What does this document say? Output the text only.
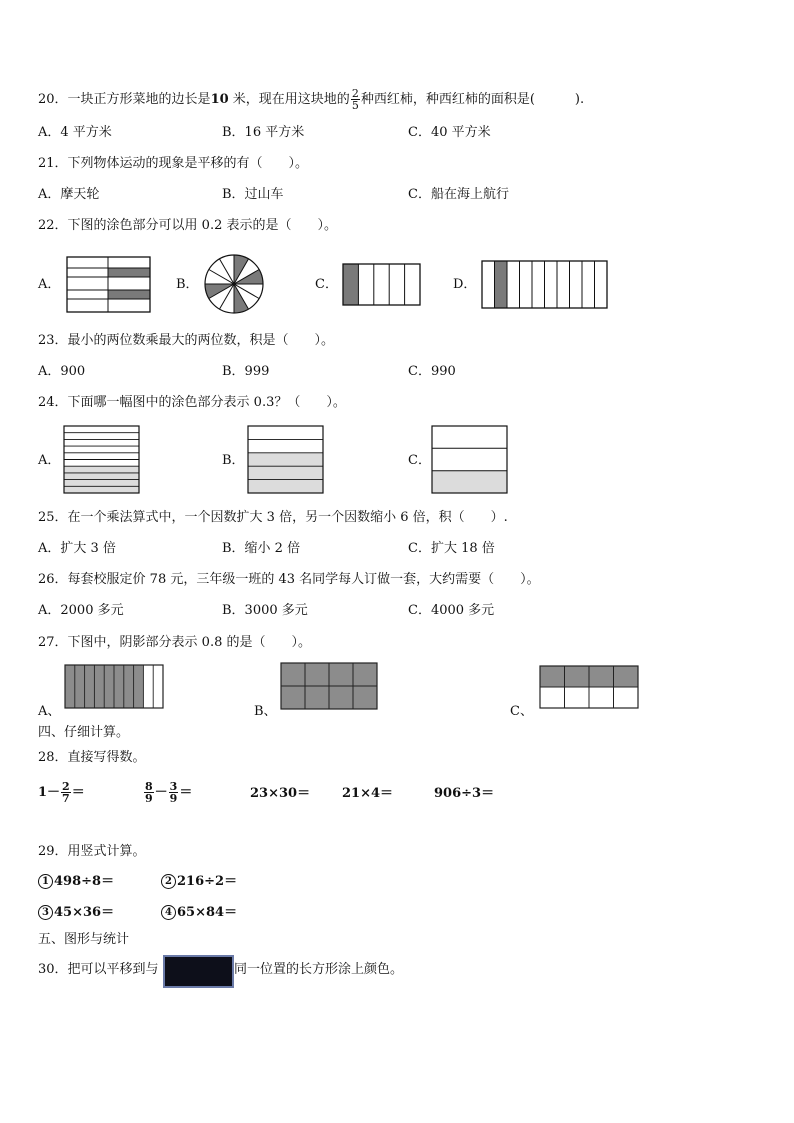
20．一块正方形菜地的边长是10 米，现在用这块地的 $\frac{2}{5}$ 种西红柿，种西红柿的面积是(	).
A．4 平方米	B．16 平方米	C．40 平方米
21．下列物体运动的现象是平移的有（　　）。
A．摩天轮	B．过山车	C．船在海上航行
22．下图的涂色部分可以用 0.2 表示的是（　　）。
A．	B．	C．	D．
23．最小的两位数乘最大的两位数，积是（　　）。
A．900	B．999	C．990
24．下面哪一幅图中的涂色部分表示 0.3？（　　）。
A．	B．	C．
25．在一个乘法算式中，一个因数扩大 3 倍，另一个因数缩小 6 倍，积（　　）.
A．扩大 3 倍	B．缩小 2 倍	C．扩大 18 倍
26．每套校服定价 78 元，三年级一班的 43 名同学每人订做一套，大约需要（　　）。
A．2000 多元	B．3000 多元	C．4000 多元
27．下图中，阴影部分表示 0.8 的是（　　）。
A、	B、	C、
四、仔细计算。
28．直接写得数。
$1- \frac{2}{7}$ ＝	$\frac{8}{9} - \frac{3}{9}$ ＝	23×30＝ 21×4＝	906÷3＝
29．用竖式计算。
1 498÷8＝	2 216÷2＝
3 45×36＝	4 65×84＝
五、图形与统计
30．把可以平移到与	同一位置的长方形涂上颜色。
